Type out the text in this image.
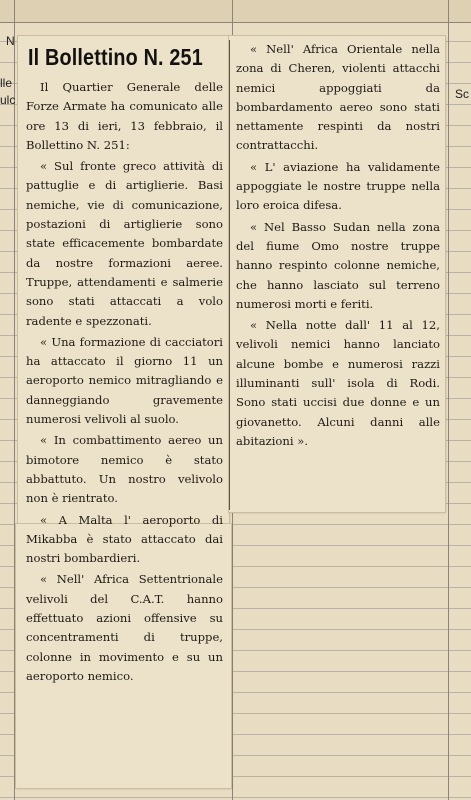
N
lle
ulc	Sc
Il Bollettino N. 251

Il Quartier Generale delle Forze Armate ha comunicato alle ore 13 di ieri, 13 febbraio, il Bollettino N. 251:

« Sul fronte greco attività di pattuglie e di artiglierie. Basi nemiche, vie di comunicazione, postazioni di artiglierie sono state efficacemente bombardate da nostre formazioni aeree. Truppe, attendamenti e salmerie sono stati attaccati a volo radente e spezzonati.

« Una formazione di cacciatori ha attaccato il giorno 11 un aeroporto nemico mitragliando e danneggiando gravemente numerosi velivoli al suolo.

« In combattimento aereo un bimotore nemico è stato abbattuto. Un nostro velivolo non è rientrato.

« A Malta l' aeroporto di Mikabba è stato attaccato dai nostri bombardieri.

« Nell' Africa Settentrionale velivoli del C.A.T. hanno effettuato azioni offensive su concentramenti di truppe, colonne in movimento e su un aeroporto nemico.

« Nell' Africa Orientale nella zona di Cheren, violenti attacchi nemici appoggiati da bombardamento aereo sono stati nettamente respinti da nostri contrattacchi.

« L' aviazione ha validamente appoggiate le nostre truppe nella loro eroica difesa.

« Nel Basso Sudan nella zona del fiume Omo nostre truppe hanno respinto colonne nemiche, che hanno lasciato sul terreno numerosi morti e feriti.

« Nella notte dall' 11 al 12, velivoli nemici hanno lanciato alcune bombe e numerosi razzi illuminanti sull' isola di Rodi. Sono stati uccisi due donne e un giovanetto. Alcuni danni alle abitazioni ».
